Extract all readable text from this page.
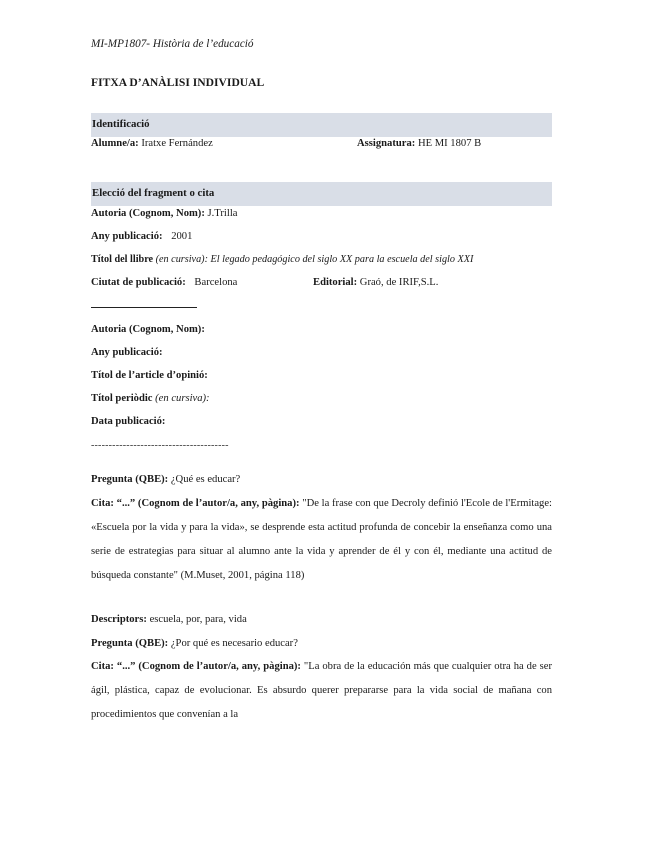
MI-MP1807- Història de l’educació
FITXA D’ANÀLISI INDIVIDUAL
Identificació
Alumne/a: Iratxe Fernández	Assignatura: HE MI 1807 B
Elecció del fragment o cita
Autoria (Cognom, Nom): J.Trilla
Any publicació: 2001
Títol del llibre (en cursiva): El legado pedagógico del siglo XX para la escuela del siglo XXI
Ciutat de publicació: Barcelona	Editorial: Graó, de IRIF,S.L.
Autoria (Cognom, Nom):
Any publicació:
Títol de l’article d’opinió:
Títol periòdic (en cursiva):
Data publicació:
---------------------------------------
Pregunta (QBE): ¿Qué es educar?
Cita: “...” (Cognom de l’autor/a, any, pàgina): "De la frase con que Decroly definió l'Ecole de l'Ermitage: «Escuela por la vida y para la vida», se desprende esta actitud profunda de concebir la enseñanza como una serie de estrategias para situar al alumno ante la vida y aprender de él y con él, mediante una actitud de búsqueda constante" (M.Muset, 2001, página 118)
Descriptors: escuela, por, para, vida
Pregunta (QBE): ¿Por qué es necesario educar?
Cita: “...” (Cognom de l’autor/a, any, pàgina): "La obra de la educación más que cualquier otra ha de ser ágil, plástica, capaz de evolucionar. Es absurdo querer prepararse para la vida social de mañana con procedimientos que convenían a la
